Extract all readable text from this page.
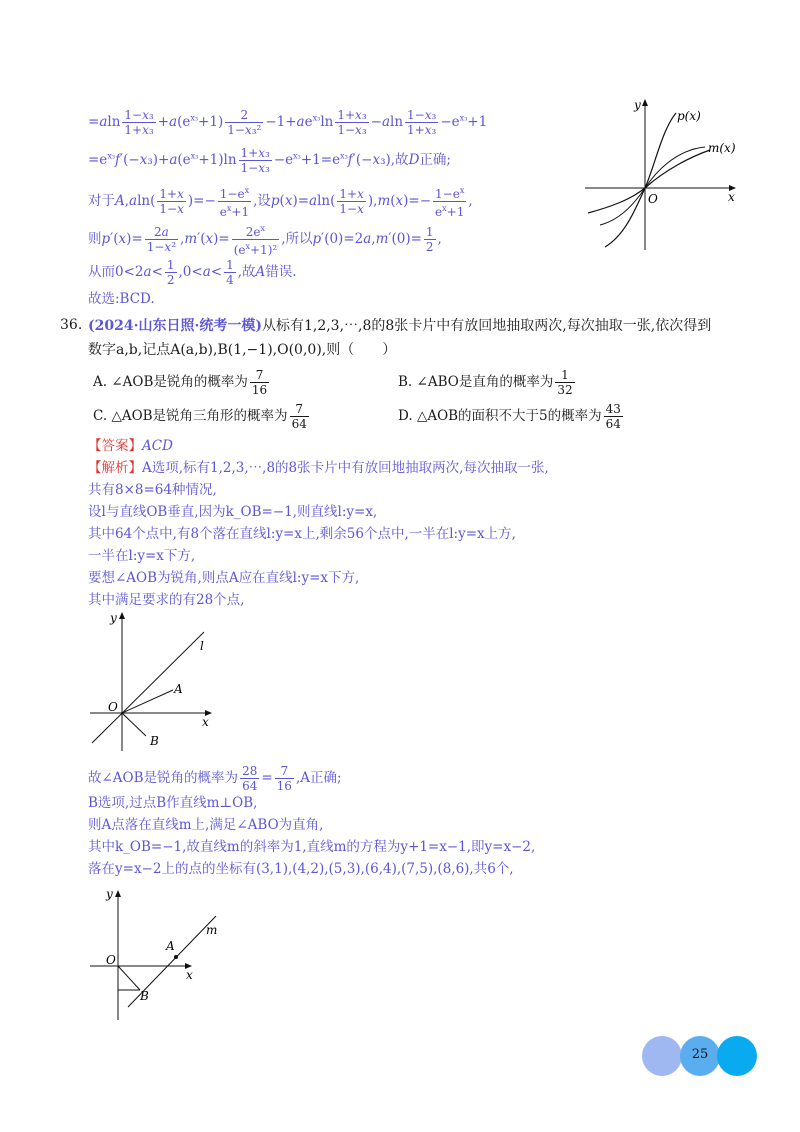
$=aln \frac{\text{1−x₃}}{\text{1+x₃}} +a(e^{x_3}+1) \frac{2}{\text{1−x₃²}} -1+ae^{x_3}\ln \frac{\text{1+x₃}}{\text{1−x₃}} -aln \frac{\text{1−x₃}}{\text{1+x₃}} -e^{x_3}+1$
$=e^{x_3}f'(-x_3)+a(e^{x_3}+1)\ln \frac{\text{1+x₃}}{\text{1−x₃}} -e^{x_3}+1=e^{x_3}f'(-x_3)$,故D正确;
对于$A,aln( \frac{1+x}{1-x}$ )=− $\frac{1-e^x}{e^x+1}$ ,设$p(x)=aln( \frac{1+x}{1-x} ),m(x)=- \frac{1-e^x}{e^x+1}$ ,
则$p'(x)= \frac{2a}{\text{1−x²}} ,m'(x)= \frac{2e^x}{(e^x+1)^2}$ ,所以$p'(0)=2a,m'(0)= \frac{1}{2}$ ,
从而$0<2a< \frac{1}{2} ,0<a< \frac{1}{4}$ ,故A错误.
故选:BCD.
y
x
O
p(x)
m(x)
36. (2024·山东日照·统考一模)从标有1,2,3,⋯,8的8张卡片中有放回地抽取两次,每次抽取一张,依次得到
数字a,b,记点A(a,b),B(1,−1),O(0,0),则（　　）
A. ∠AOB是锐角的概率为 $\frac{7}{16}$	B. ∠ABO是直角的概率为 $\frac{1}{32}$
C. △AOB是锐角三角形的概率为 $\frac{7}{64}$	D. △AOB的面积不大于5的概率为 $\frac{43}{64}$
【答案】ACD
【解析】A选项,标有1,2,3,⋯,8的8张卡片中有放回地抽取两次,每次抽取一张,
共有8×8=64种情况,
设l与直线OB垂直,因为k_OB=−1,则直线l:y=x,
其中64个点中,有8个落在直线l:y=x上,剩余56个点中,一半在l:y=x上方,
一半在l:y=x下方,
要想∠AOB为锐角,则点A应在直线l:y=x下方,
其中满足要求的有28个点,
y
x
O
l
A
B
故∠AOB是锐角的概率为 $\frac{28}{64} = \frac{7}{16} ,A$正确;
B选项,过点B作直线m⊥OB,
则A点落在直线m上,满足∠ABO为直角,
其中k_OB=−1,故直线m的斜率为1,直线m的方程为y+1=x−1,即y=x−2,
落在y=x−2上的点的坐标有(3,1),(4,2),(5,3),(6,4),(7,5),(8,6),共6个,
y
x
O
m
A
B
25
